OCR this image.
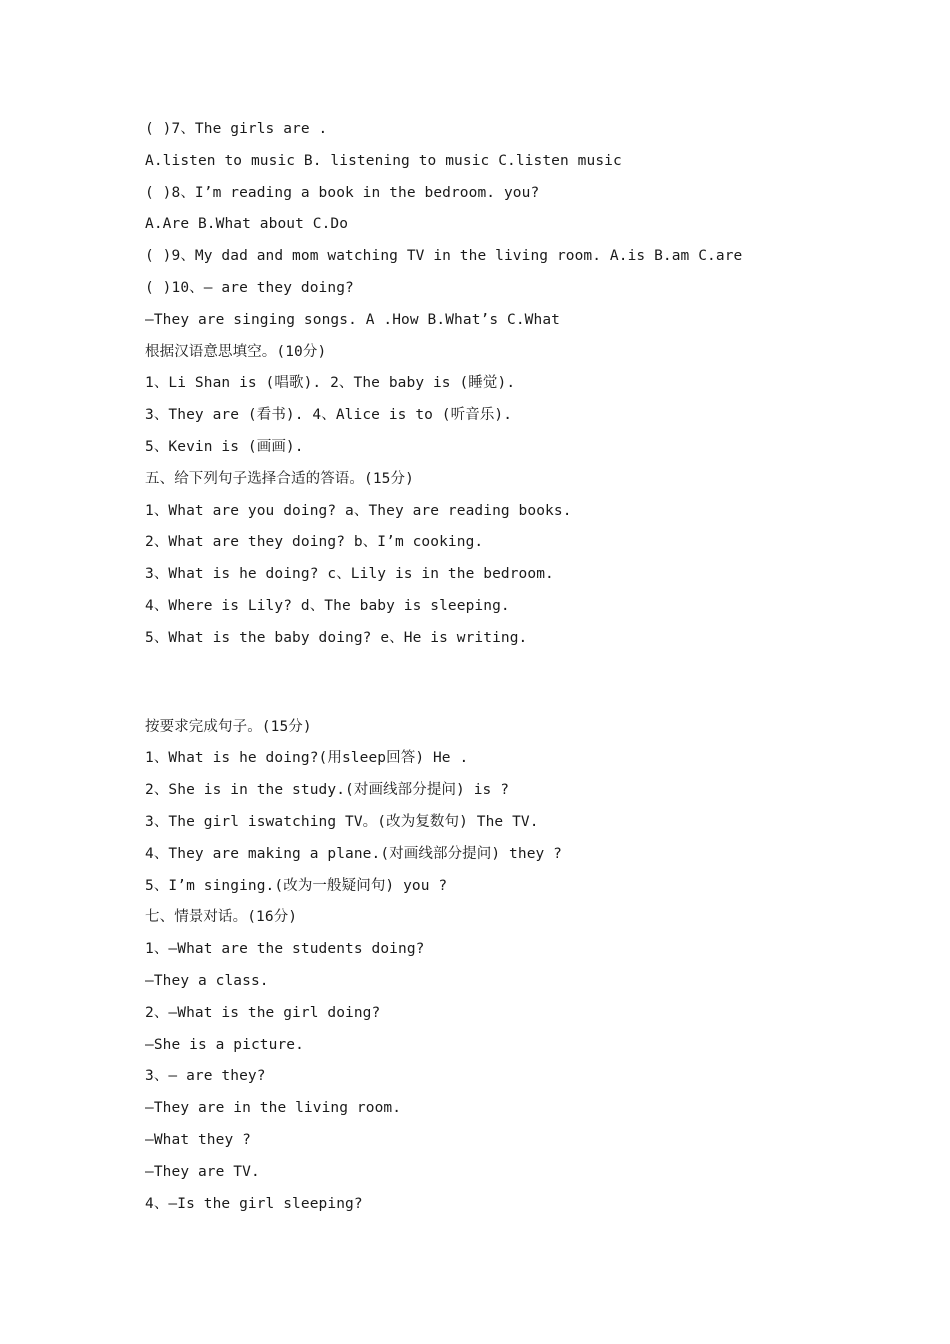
( )7、The girls are .
A.listen to music B. listening to music C.listen music
( )8、I’m reading a book in the bedroom. you?
A.Are B.What about C.Do
( )9、My dad and mom watching TV in the living room. A.is B.am C.are
( )10、— are they doing?
—They are singing songs. A .How B.What’s C.What
根据汉语意思填空。(10分)
1、Li Shan is (唱歌). 2、The baby is (睡觉).
3、They are (看书). 4、Alice is to (听音乐).
5、Kevin is (画画).
五、给下列句子选择合适的答语。(15分)
1、What are you doing? a、They are reading books.
2、What are they doing? b、I’m cooking.
3、What is he doing? c、Lily is in the bedroom.
4、Where is Lily? d、The baby is sleeping.
5、What is the baby doing? e、He is writing.
按要求完成句子。(15分)
1、What is he doing?(用sleep回答) He .
2、She is in the study.(对画线部分提问) is ?
3、The girl iswatching TV。(改为复数句) The TV.
4、They are making a plane.(对画线部分提问) they ?
5、I’m singing.(改为一般疑问句) you ?
七、情景对话。(16分)
1、—What are the students doing?
—They a class.
2、—What is the girl doing?
—She is a picture.
3、— are they?
—They are in the living room.
—What they ?
—They are TV.
4、—Is the girl sleeping?
